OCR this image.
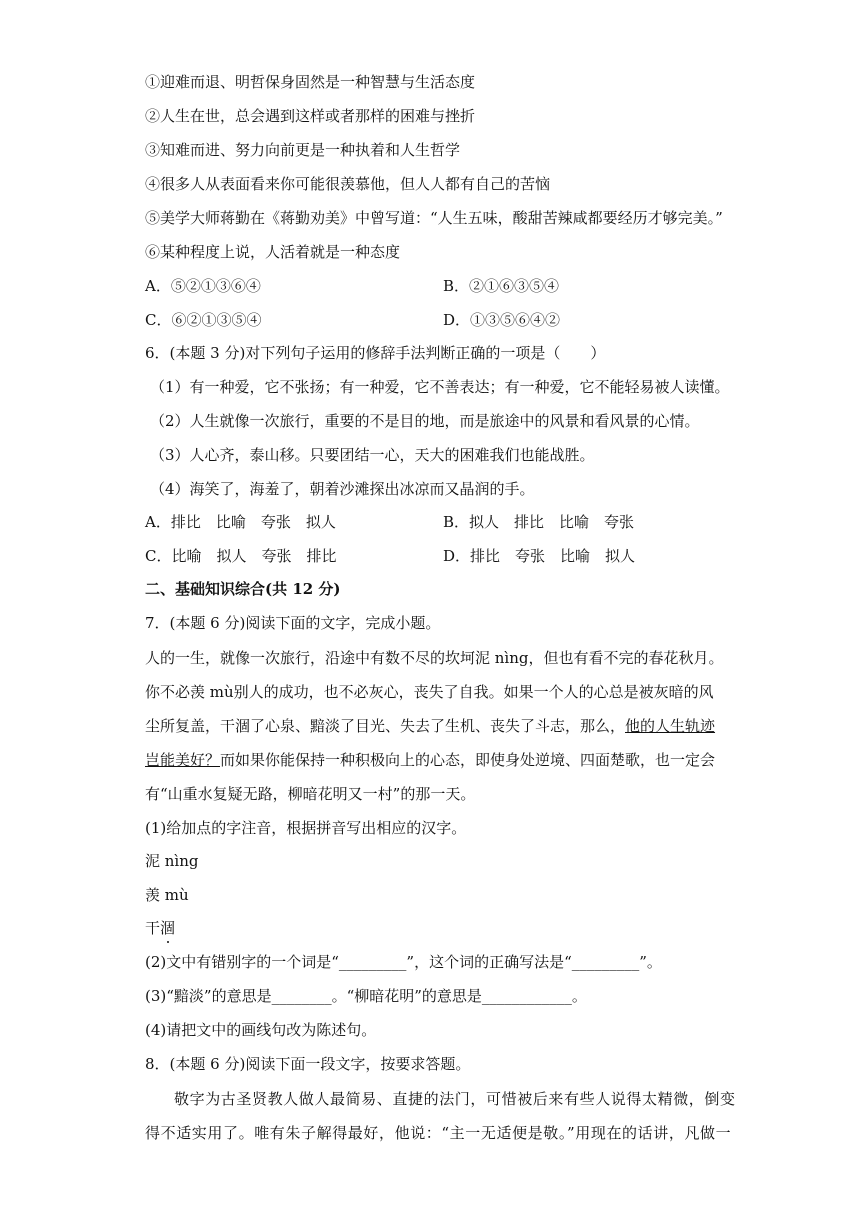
①迎难而退、明哲保身固然是一种智慧与生活态度
②人生在世，总会遇到这样或者那样的困难与挫折
③知难而进、努力向前更是一种执着和人生哲学
④很多人从表面看来你可能很羡慕他，但人人都有自己的苦恼
⑤美学大师蒋勤在《蒋勤劝美》中曾写道：“人生五味，酸甜苦辣咸都要经历才够完美。”
⑥某种程度上说，人活着就是一种态度
A．⑤②①③⑥④	B．②①⑥③⑤④
C．⑥②①③⑤④	D．①③⑤⑥④②
6．(本题 3 分)对下列句子运用的修辞手法判断正确的一项是（　　）
（1）有一种爱，它不张扬；有一种爱，它不善表达；有一种爱，它不能轻易被人读懂。
（2）人生就像一次旅行，重要的不是目的地，而是旅途中的风景和看风景的心情。
（3）人心齐，泰山移。只要团结一心，天大的困难我们也能战胜。
（4）海笑了，海羞了，朝着沙滩探出冰凉而又晶润的手。
A．排比　比喻　夸张　拟人	B．拟人　排比　比喻　夸张
C．比喻　拟人　夸张　排比	D．排比　夸张　比喻　拟人
二、基础知识综合(共 12 分)
7．(本题 6 分)阅读下面的文字，完成小题。
人的一生，就像一次旅行，沿途中有数不尽的坎坷泥 nìng，但也有看不完的春花秋月。
你不必羡 mù别人的成功，也不必灰心，丧失了自我。如果一个人的心总是被灰暗的风
尘所复盖，干涸了心泉、黯淡了目光、失去了生机、丧失了斗志，那么，他的人生轨迹
岂能美好？而如果你能保持一种积极向上的心态，即使身处逆境、四面楚歌，也一定会
有“山重水复疑无路，柳暗花明又一村”的那一天。
(1)给加点的字注音，根据拼音写出相应的汉字。
泥 nìng
羡 mù
干涸
(2)文中有错别字的一个词是“_________”，这个词的正确写法是“_________”。
(3)“黯淡”的意思是________。“柳暗花明”的意思是____________。
(4)请把文中的画线句改为陈述句。
8．(本题 6 分)阅读下面一段文字，按要求答题。
敬字为古圣贤教人做人最简易、直捷的法门，可惜被后来有些人说得太精微，倒变
得不适实用了。唯有朱子解得最好，他说：“主一无适便是敬。”用现在的话讲，凡做一
